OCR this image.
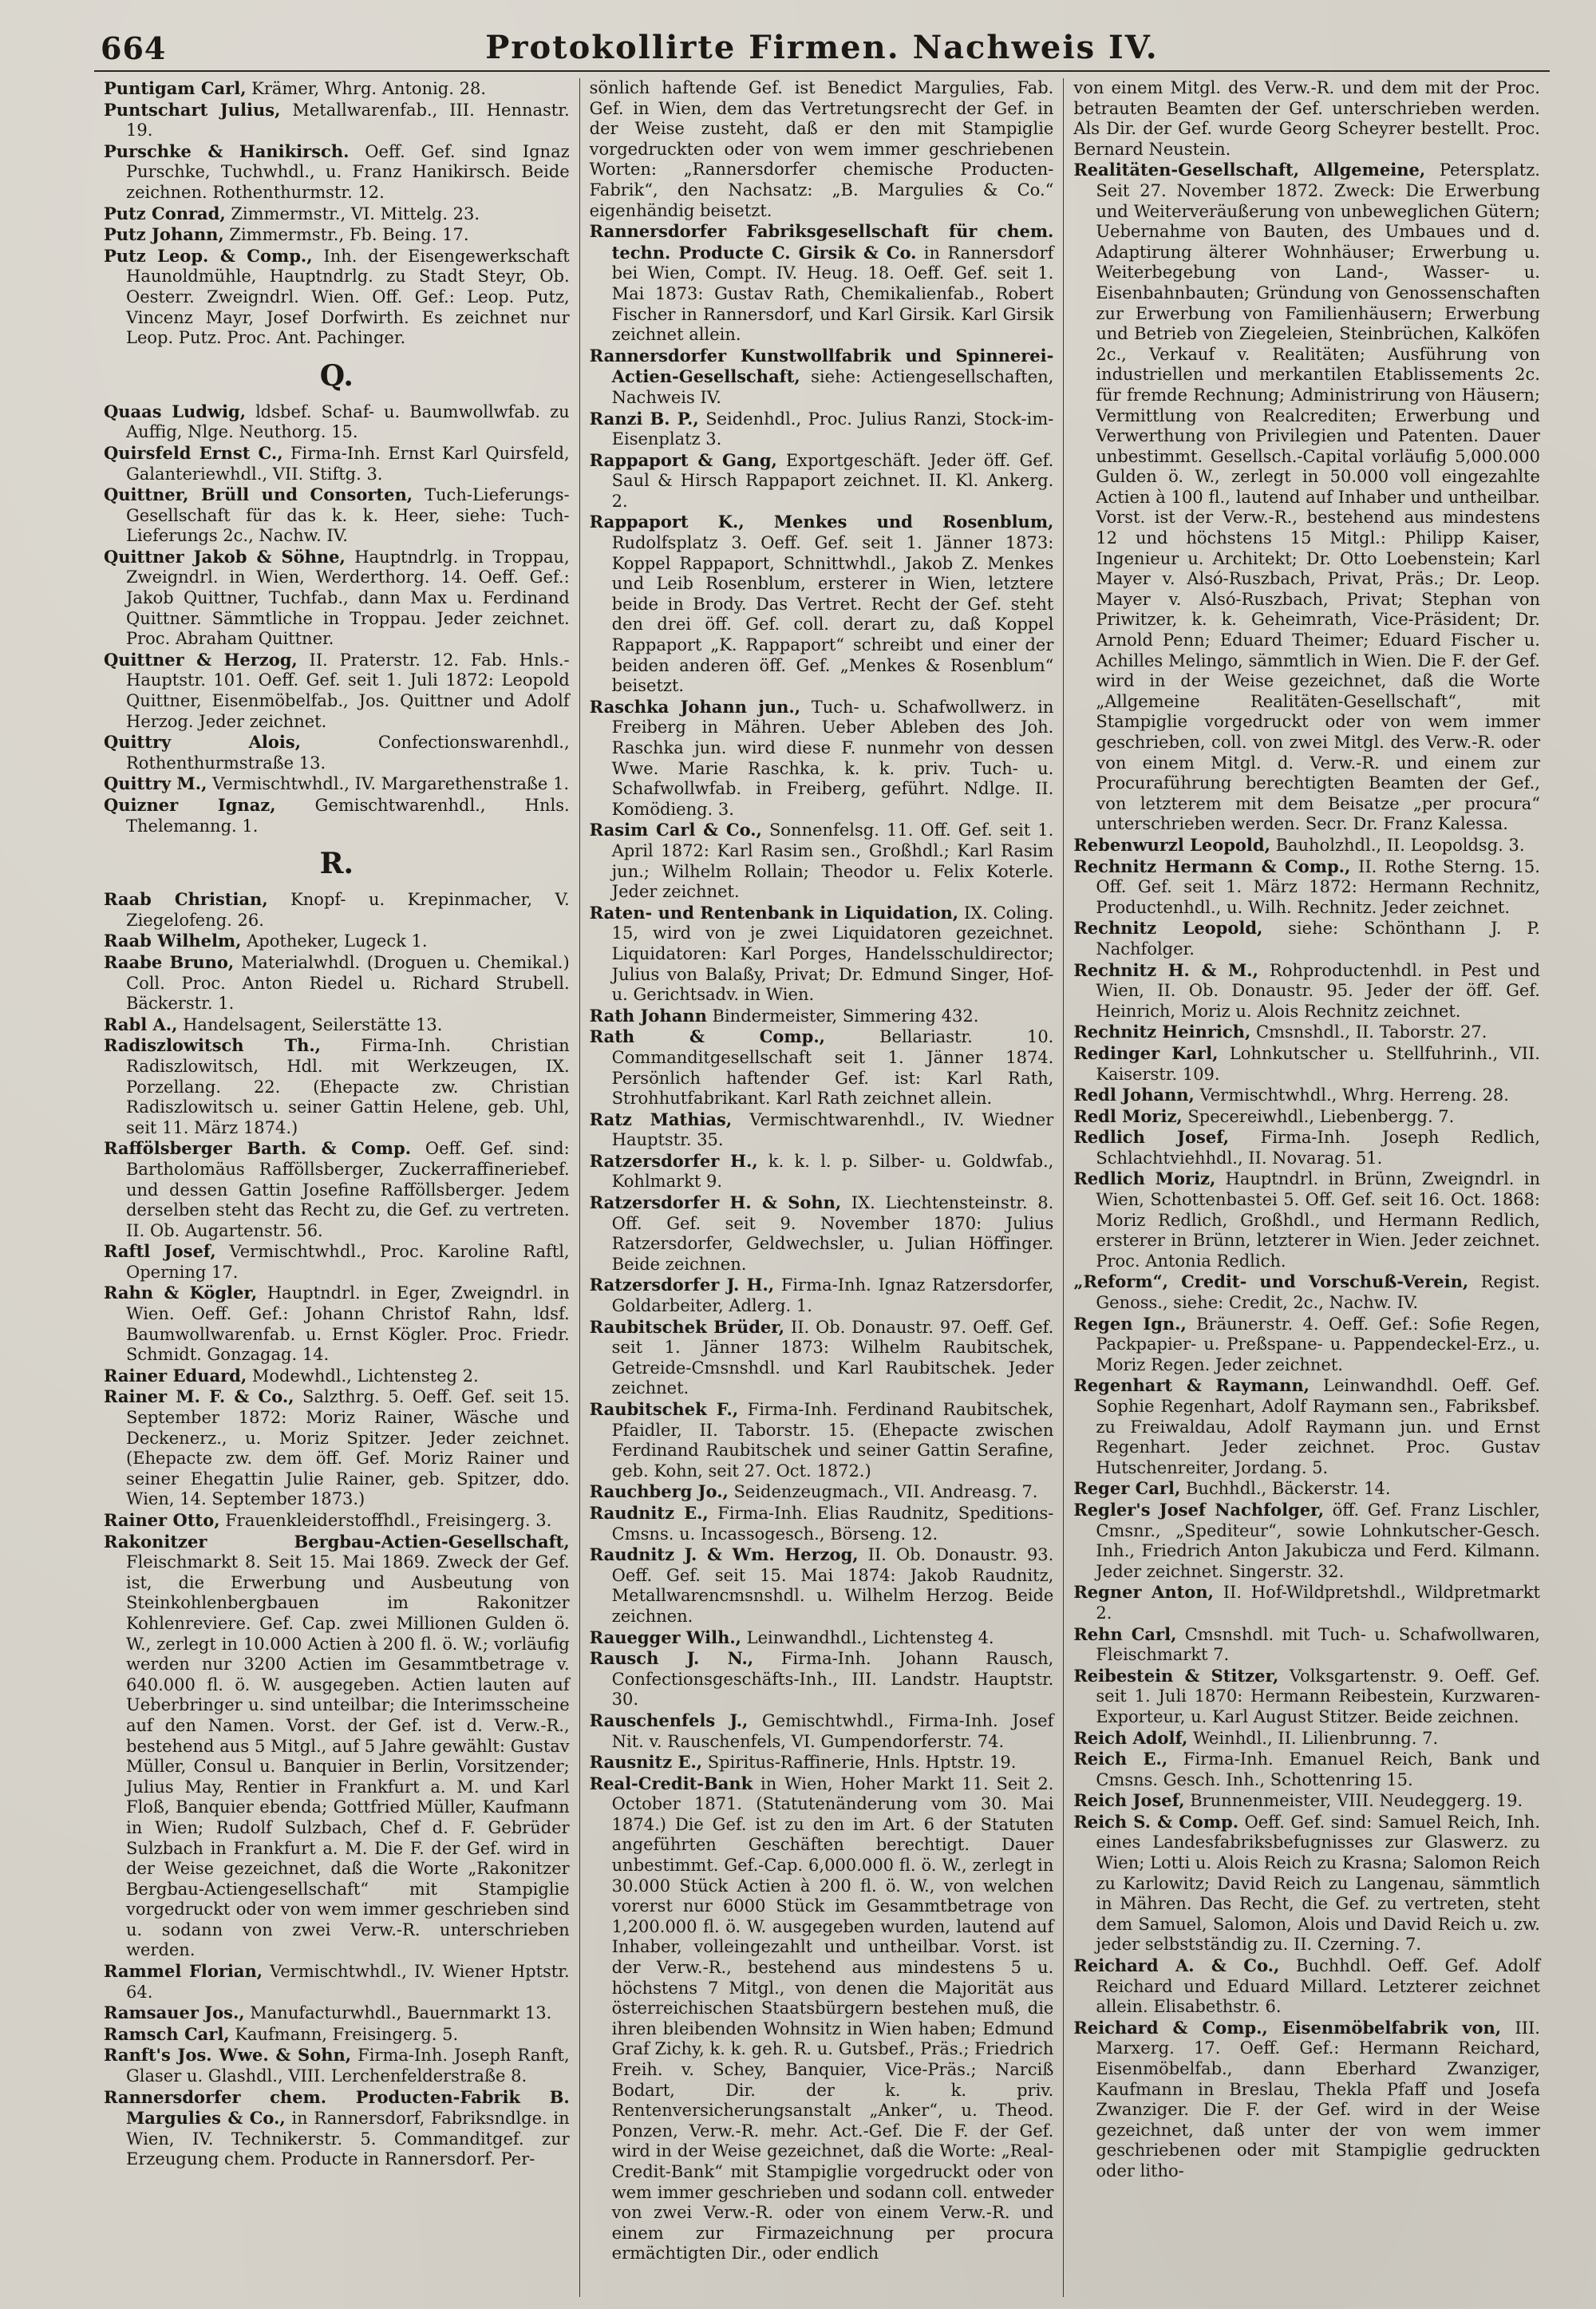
664	Protokollirte Firmen. Nachweis IV.

Puntigam Carl, Krämer, Whrg. Antonig. 28.

Puntschart Julius, Metallwarenfab., III. Hennastr. 19.

Purschke & Hanikirsch. Oeff. Gef. sind Ignaz Purschke, Tuchwhdl., u. Franz Hanikirsch. Beide zeichnen. Rothenthurmstr. 12.

Putz Conrad, Zimmermstr., VI. Mittelg. 23.

Putz Johann, Zimmermstr., Fb. Being. 17.

Putz Leop. & Comp., Inh. der Eisengewerkschaft Haunoldmühle, Hauptndrlg. zu Stadt Steyr, Ob. Oesterr. Zweigndrl. Wien. Off. Gef.: Leop. Putz, Vincenz Mayr, Josef Dorfwirth. Es zeichnet nur Leop. Putz. Proc. Ant. Pachinger.

Q.

Quaas Ludwig, ldsbef. Schaf- u. Baumwollwfab. zu Auffig, Nlge. Neuthorg. 15.

Quirsfeld Ernst C., Firma-Inh. Ernst Karl Quirsfeld, Galanteriewhdl., VII. Stiftg. 3.

Quittner, Brüll und Consorten, Tuch-Lieferungs-Gesellschaft für das k. k. Heer, siehe: Tuch-Lieferungs 2c., Nachw. IV.

Quittner Jakob & Söhne, Hauptndrlg. in Troppau, Zweigndrl. in Wien, Werderthorg. 14. Oeff. Gef.: Jakob Quittner, Tuchfab., dann Max u. Ferdinand Quittner. Sämmtliche in Troppau. Jeder zeichnet. Proc. Abraham Quittner.

Quittner & Herzog, II. Praterstr. 12. Fab. Hnls.-Hauptstr. 101. Oeff. Gef. seit 1. Juli 1872: Leopold Quittner, Eisenmöbelfab., Jos. Quittner und Adolf Herzog. Jeder zeichnet.

Quittry Alois, Confectionswarenhdl., Rothenthurmstraße 13.

Quittry M., Vermischtwhdl., IV. Margarethenstraße 1.

Quizner Ignaz, Gemischtwarenhdl., Hnls. Thelemanng. 1.

R.

Raab Christian, Knopf- u. Krepinmacher, V. Ziegelofeng. 26.

Raab Wilhelm, Apotheker, Lugeck 1.

Raabe Bruno, Materialwhdl. (Droguen u. Chemikal.) Coll. Proc. Anton Riedel u. Richard Strubell. Bäckerstr. 1.

Rabl A., Handelsagent, Seilerstätte 13.

Radiszlowitsch Th., Firma-Inh. Christian Radiszlowitsch, Hdl. mit Werkzeugen, IX. Porzellang. 22. (Ehepacte zw. Christian Radiszlowitsch u. seiner Gattin Helene, geb. Uhl, seit 11. März 1874.)

Raffölsberger Barth. & Comp. Oeff. Gef. sind: Bartholomäus Rafföllsberger, Zuckerraffineriebef. und dessen Gattin Josefine Rafföllsberger. Jedem derselben steht das Recht zu, die Gef. zu vertreten. II. Ob. Augartenstr. 56.

Raftl Josef, Vermischtwhdl., Proc. Karoline Raftl, Operning 17.

Rahn & Kögler, Hauptndrl. in Eger, Zweigndrl. in Wien. Oeff. Gef.: Johann Christof Rahn, ldsf. Baumwollwarenfab. u. Ernst Kögler. Proc. Friedr. Schmidt. Gonzagag. 14.

Rainer Eduard, Modewhdl., Lichtensteg 2.

Rainer M. F. & Co., Salzthrg. 5. Oeff. Gef. seit 15. September 1872: Moriz Rainer, Wäsche und Deckenerz., u. Moriz Spitzer. Jeder zeichnet. (Ehepacte zw. dem öff. Gef. Moriz Rainer und seiner Ehegattin Julie Rainer, geb. Spitzer, ddo. Wien, 14. September 1873.)

Rainer Otto, Frauenkleiderstoffhdl., Freisingerg. 3.

Rakonitzer Bergbau-Actien-Gesellschaft, Fleischmarkt 8. Seit 15. Mai 1869. Zweck der Gef. ist, die Erwerbung und Ausbeutung von Steinkohlenbergbauen im Rakonitzer Kohlenreviere. Gef. Cap. zwei Millionen Gulden ö. W., zerlegt in 10.000 Actien à 200 fl. ö. W.; vorläufig werden nur 3200 Actien im Gesammtbetrage v. 640.000 fl. ö. W. ausgegeben. Actien lauten auf Ueberbringer u. sind unteilbar; die Interimsscheine auf den Namen. Vorst. der Gef. ist d. Verw.-R., bestehend aus 5 Mitgl., auf 5 Jahre gewählt: Gustav Müller, Consul u. Banquier in Berlin, Vorsitzender; Julius May, Rentier in Frankfurt a. M. und Karl Floß, Banquier ebenda; Gottfried Müller, Kaufmann in Wien; Rudolf Sulzbach, Chef d. F. Gebrüder Sulzbach in Frankfurt a. M. Die F. der Gef. wird in der Weise gezeichnet, daß die Worte „Rakonitzer Bergbau-Actiengesellschaft“ mit Stampiglie vorgedruckt oder von wem immer geschrieben sind u. sodann von zwei Verw.-R. unterschrieben werden.

Rammel Florian, Vermischtwhdl., IV. Wiener Hptstr. 64.

Ramsauer Jos., Manufacturwhdl., Bauernmarkt 13.

Ramsch Carl, Kaufmann, Freisingerg. 5.

Ranft's Jos. Wwe. & Sohn, Firma-Inh. Joseph Ranft, Glaser u. Glashdl., VIII. Lerchenfelderstraße 8.

Rannersdorfer chem. Producten-Fabrik B. Margulies & Co., in Rannersdorf, Fabriksndlge. in Wien, IV. Technikerstr. 5. Commanditgef. zur Erzeugung chem. Producte in Rannersdorf. Per-

sönlich haftende Gef. ist Benedict Margulies, Fab. Gef. in Wien, dem das Vertretungsrecht der Gef. in der Weise zusteht, daß er den mit Stampiglie vorgedruckten oder von wem immer geschriebenen Worten: „Rannersdorfer chemische Producten-Fabrik“, den Nachsatz: „B. Margulies & Co.“ eigenhändig beisetzt.

Rannersdorfer Fabriksgesellschaft für chem. techn. Producte C. Girsik & Co. in Rannersdorf bei Wien, Compt. IV. Heug. 18. Oeff. Gef. seit 1. Mai 1873: Gustav Rath, Chemikalienfab., Robert Fischer in Rannersdorf, und Karl Girsik. Karl Girsik zeichnet allein.

Rannersdorfer Kunstwollfabrik und Spinnerei-Actien-Gesellschaft, siehe: Actiengesellschaften, Nachweis IV.

Ranzi B. P., Seidenhdl., Proc. Julius Ranzi, Stock-im-Eisenplatz 3.

Rappaport & Gang, Exportgeschäft. Jeder öff. Gef. Saul & Hirsch Rappaport zeichnet. II. Kl. Ankerg. 2.

Rappaport K., Menkes und Rosenblum, Rudolfsplatz 3. Oeff. Gef. seit 1. Jänner 1873: Koppel Rappaport, Schnittwhdl., Jakob Z. Menkes und Leib Rosenblum, ersterer in Wien, letztere beide in Brody. Das Vertret. Recht der Gef. steht den drei öff. Gef. coll. derart zu, daß Koppel Rappaport „K. Rappaport“ schreibt und einer der beiden anderen öff. Gef. „Menkes & Rosenblum“ beisetzt.

Raschka Johann jun., Tuch- u. Schafwollwerz. in Freiberg in Mähren. Ueber Ableben des Joh. Raschka jun. wird diese F. nunmehr von dessen Wwe. Marie Raschka, k. k. priv. Tuch- u. Schafwollwfab. in Freiberg, geführt. Ndlge. II. Komödieng. 3.

Rasim Carl & Co., Sonnenfelsg. 11. Off. Gef. seit 1. April 1872: Karl Rasim sen., Großhdl.; Karl Rasim jun.; Wilhelm Rollain; Theodor u. Felix Koterle. Jeder zeichnet.

Raten- und Rentenbank in Liquidation, IX. Coling. 15, wird von je zwei Liquidatoren gezeichnet. Liquidatoren: Karl Porges, Handelsschuldirector; Julius von Balaßy, Privat; Dr. Edmund Singer, Hof- u. Gerichtsadv. in Wien.

Rath Johann Bindermeister, Simmering 432.

Rath & Comp., Bellariastr. 10. Commanditgesellschaft seit 1. Jänner 1874. Persönlich haftender Gef. ist: Karl Rath, Strohhutfabrikant. Karl Rath zeichnet allein.

Ratz Mathias, Vermischtwarenhdl., IV. Wiedner Hauptstr. 35.

Ratzersdorfer H., k. k. l. p. Silber- u. Goldwfab., Kohlmarkt 9.

Ratzersdorfer H. & Sohn, IX. Liechtensteinstr. 8. Off. Gef. seit 9. November 1870: Julius Ratzersdorfer, Geldwechsler, u. Julian Höffinger. Beide zeichnen.

Ratzersdorfer J. H., Firma-Inh. Ignaz Ratzersdorfer, Goldarbeiter, Adlerg. 1.

Raubitschek Brüder, II. Ob. Donaustr. 97. Oeff. Gef. seit 1. Jänner 1873: Wilhelm Raubitschek, Getreide-Cmsnshdl. und Karl Raubitschek. Jeder zeichnet.

Raubitschek F., Firma-Inh. Ferdinand Raubitschek, Pfaidler, II. Taborstr. 15. (Ehepacte zwischen Ferdinand Raubitschek und seiner Gattin Serafine, geb. Kohn, seit 27. Oct. 1872.)

Rauchberg Jo., Seidenzeugmach., VII. Andreasg. 7.

Raudnitz E., Firma-Inh. Elias Raudnitz, Speditions-Cmsns. u. Incassogesch., Börseng. 12.

Raudnitz J. & Wm. Herzog, II. Ob. Donaustr. 93. Oeff. Gef. seit 15. Mai 1874: Jakob Raudnitz, Metallwarencmsnshdl. u. Wilhelm Herzog. Beide zeichnen.

Rauegger Wilh., Leinwandhdl., Lichtensteg 4.

Rausch J. N., Firma-Inh. Johann Rausch, Confectionsgeschäfts-Inh., III. Landstr. Hauptstr. 30.

Rauschenfels J., Gemischtwhdl., Firma-Inh. Josef Nit. v. Rauschenfels, VI. Gumpendorferstr. 74.

Rausnitz E., Spiritus-Raffinerie, Hnls. Hptstr. 19.

Real-Credit-Bank in Wien, Hoher Markt 11. Seit 2. October 1871. (Statutenänderung vom 30. Mai 1874.) Die Gef. ist zu den im Art. 6 der Statuten angeführten Geschäften berechtigt. Dauer unbestimmt. Gef.-Cap. 6,000.000 fl. ö. W., zerlegt in 30.000 Stück Actien à 200 fl. ö. W., von welchen vorerst nur 6000 Stück im Gesammtbetrage von 1,200.000 fl. ö. W. ausgegeben wurden, lautend auf Inhaber, volleingezahlt und untheilbar. Vorst. ist der Verw.-R., bestehend aus mindestens 5 u. höchstens 7 Mitgl., von denen die Majorität aus österreichischen Staatsbürgern bestehen muß, die ihren bleibenden Wohnsitz in Wien haben; Edmund Graf Zichy, k. k. geh. R. u. Gutsbef., Präs.; Friedrich Freih. v. Schey, Banquier, Vice-Präs.; Narciß Bodart, Dir. der k. k. priv. Rentenversicherungsanstalt „Anker“, u. Theod. Ponzen, Verw.-R. mehr. Act.-Gef. Die F. der Gef. wird in der Weise gezeichnet, daß die Worte: „Real-Credit-Bank“ mit Stampiglie vorgedruckt oder von wem immer geschrieben und sodann coll. entweder von zwei Verw.-R. oder von einem Verw.-R. und einem zur Firmazeichnung per procura ermächtigten Dir., oder endlich

von einem Mitgl. des Verw.-R. und dem mit der Proc. betrauten Beamten der Gef. unterschrieben werden. Als Dir. der Gef. wurde Georg Scheyrer bestellt. Proc. Bernard Neustein.

Realitäten-Gesellschaft, Allgemeine, Petersplatz. Seit 27. November 1872. Zweck: Die Erwerbung und Weiterveräußerung von unbeweglichen Gütern; Uebernahme von Bauten, des Umbaues und d. Adaptirung älterer Wohnhäuser; Erwerbung u. Weiterbegebung von Land-, Wasser- u. Eisenbahnbauten; Gründung von Genossenschaften zur Erwerbung von Familienhäusern; Erwerbung und Betrieb von Ziegeleien, Steinbrüchen, Kalköfen 2c., Verkauf v. Realitäten; Ausführung von industriellen und merkantilen Etablissements 2c. für fremde Rechnung; Administrirung von Häusern; Vermittlung von Realcrediten; Erwerbung und Verwerthung von Privilegien und Patenten. Dauer unbestimmt. Gesellsch.-Capital vorläufig 5,000.000 Gulden ö. W., zerlegt in 50.000 voll eingezahlte Actien à 100 fl., lautend auf Inhaber und untheilbar. Vorst. ist der Verw.-R., bestehend aus mindestens 12 und höchstens 15 Mitgl.: Philipp Kaiser, Ingenieur u. Architekt; Dr. Otto Loebenstein; Karl Mayer v. Alsó-Ruszbach, Privat, Präs.; Dr. Leop. Mayer v. Alsó-Ruszbach, Privat; Stephan von Priwitzer, k. k. Geheimrath, Vice-Präsident; Dr. Arnold Penn; Eduard Theimer; Eduard Fischer u. Achilles Melingo, sämmtlich in Wien. Die F. der Gef. wird in der Weise gezeichnet, daß die Worte „Allgemeine Realitäten-Gesellschaft“, mit Stampiglie vorgedruckt oder von wem immer geschrieben, coll. von zwei Mitgl. des Verw.-R. oder von einem Mitgl. d. Verw.-R. und einem zur Procuraführung berechtigten Beamten der Gef., von letzterem mit dem Beisatze „per procura“ unterschrieben werden. Secr. Dr. Franz Kalessa.

Rebenwurzl Leopold, Bauholzhdl., II. Leopoldsg. 3.

Rechnitz Hermann & Comp., II. Rothe Sterng. 15. Off. Gef. seit 1. März 1872: Hermann Rechnitz, Productenhdl., u. Wilh. Rechnitz. Jeder zeichnet.

Rechnitz Leopold, siehe: Schönthann J. P. Nachfolger.

Rechnitz H. & M., Rohproductenhdl. in Pest und Wien, II. Ob. Donaustr. 95. Jeder der öff. Gef. Heinrich, Moriz u. Alois Rechnitz zeichnet.

Rechnitz Heinrich, Cmsnshdl., II. Taborstr. 27.

Redinger Karl, Lohnkutscher u. Stellfuhrinh., VII. Kaiserstr. 109.

Redl Johann, Vermischtwhdl., Whrg. Herreng. 28.

Redl Moriz, Specereiwhdl., Liebenbergg. 7.

Redlich Josef, Firma-Inh. Joseph Redlich, Schlachtviehhdl., II. Novarag. 51.

Redlich Moriz, Hauptndrl. in Brünn, Zweigndrl. in Wien, Schottenbastei 5. Off. Gef. seit 16. Oct. 1868: Moriz Redlich, Großhdl., und Hermann Redlich, ersterer in Brünn, letzterer in Wien. Jeder zeichnet. Proc. Antonia Redlich.

„Reform“, Credit- und Vorschuß-Verein, Regist. Genoss., siehe: Credit, 2c., Nachw. IV.

Regen Ign., Bräunerstr. 4. Oeff. Gef.: Sofie Regen, Packpapier- u. Preßspane- u. Pappendeckel-Erz., u. Moriz Regen. Jeder zeichnet.

Regenhart & Raymann, Leinwandhdl. Oeff. Gef. Sophie Regenhart, Adolf Raymann sen., Fabriksbef. zu Freiwaldau, Adolf Raymann jun. und Ernst Regenhart. Jeder zeichnet. Proc. Gustav Hutschenreiter, Jordang. 5.

Reger Carl, Buchhdl., Bäckerstr. 14.

Regler's Josef Nachfolger, öff. Gef. Franz Lischler, Cmsnr., „Spediteur“, sowie Lohnkutscher-Gesch. Inh., Friedrich Anton Jakubicza und Ferd. Kilmann. Jeder zeichnet. Singerstr. 32.

Regner Anton, II. Hof-Wildpretshdl., Wildpretmarkt 2.

Rehn Carl, Cmsnshdl. mit Tuch- u. Schafwollwaren, Fleischmarkt 7.

Reibestein & Stitzer, Volksgartenstr. 9. Oeff. Gef. seit 1. Juli 1870: Hermann Reibestein, Kurzwaren-Exporteur, u. Karl August Stitzer. Beide zeichnen.

Reich Adolf, Weinhdl., II. Lilienbrunng. 7.

Reich E., Firma-Inh. Emanuel Reich, Bank und Cmsns. Gesch. Inh., Schottenring 15.

Reich Josef, Brunnenmeister, VIII. Neudeggerg. 19.

Reich S. & Comp. Oeff. Gef. sind: Samuel Reich, Inh. eines Landesfabriksbefugnisses zur Glaswerz. zu Wien; Lotti u. Alois Reich zu Krasna; Salomon Reich zu Karlowitz; David Reich zu Langenau, sämmtlich in Mähren. Das Recht, die Gef. zu vertreten, steht dem Samuel, Salomon, Alois und David Reich u. zw. jeder selbstständig zu. II. Czerning. 7.

Reichard A. & Co., Buchhdl. Oeff. Gef. Adolf Reichard und Eduard Millard. Letzterer zeichnet allein. Elisabethstr. 6.

Reichard & Comp., Eisenmöbelfabrik von, III. Marxerg. 17. Oeff. Gef.: Hermann Reichard, Eisenmöbelfab., dann Eberhard Zwanziger, Kaufmann in Breslau, Thekla Pfaff und Josefa Zwanziger. Die F. der Gef. wird in der Weise gezeichnet, daß unter der von wem immer geschriebenen oder mit Stampiglie gedruckten oder litho-
